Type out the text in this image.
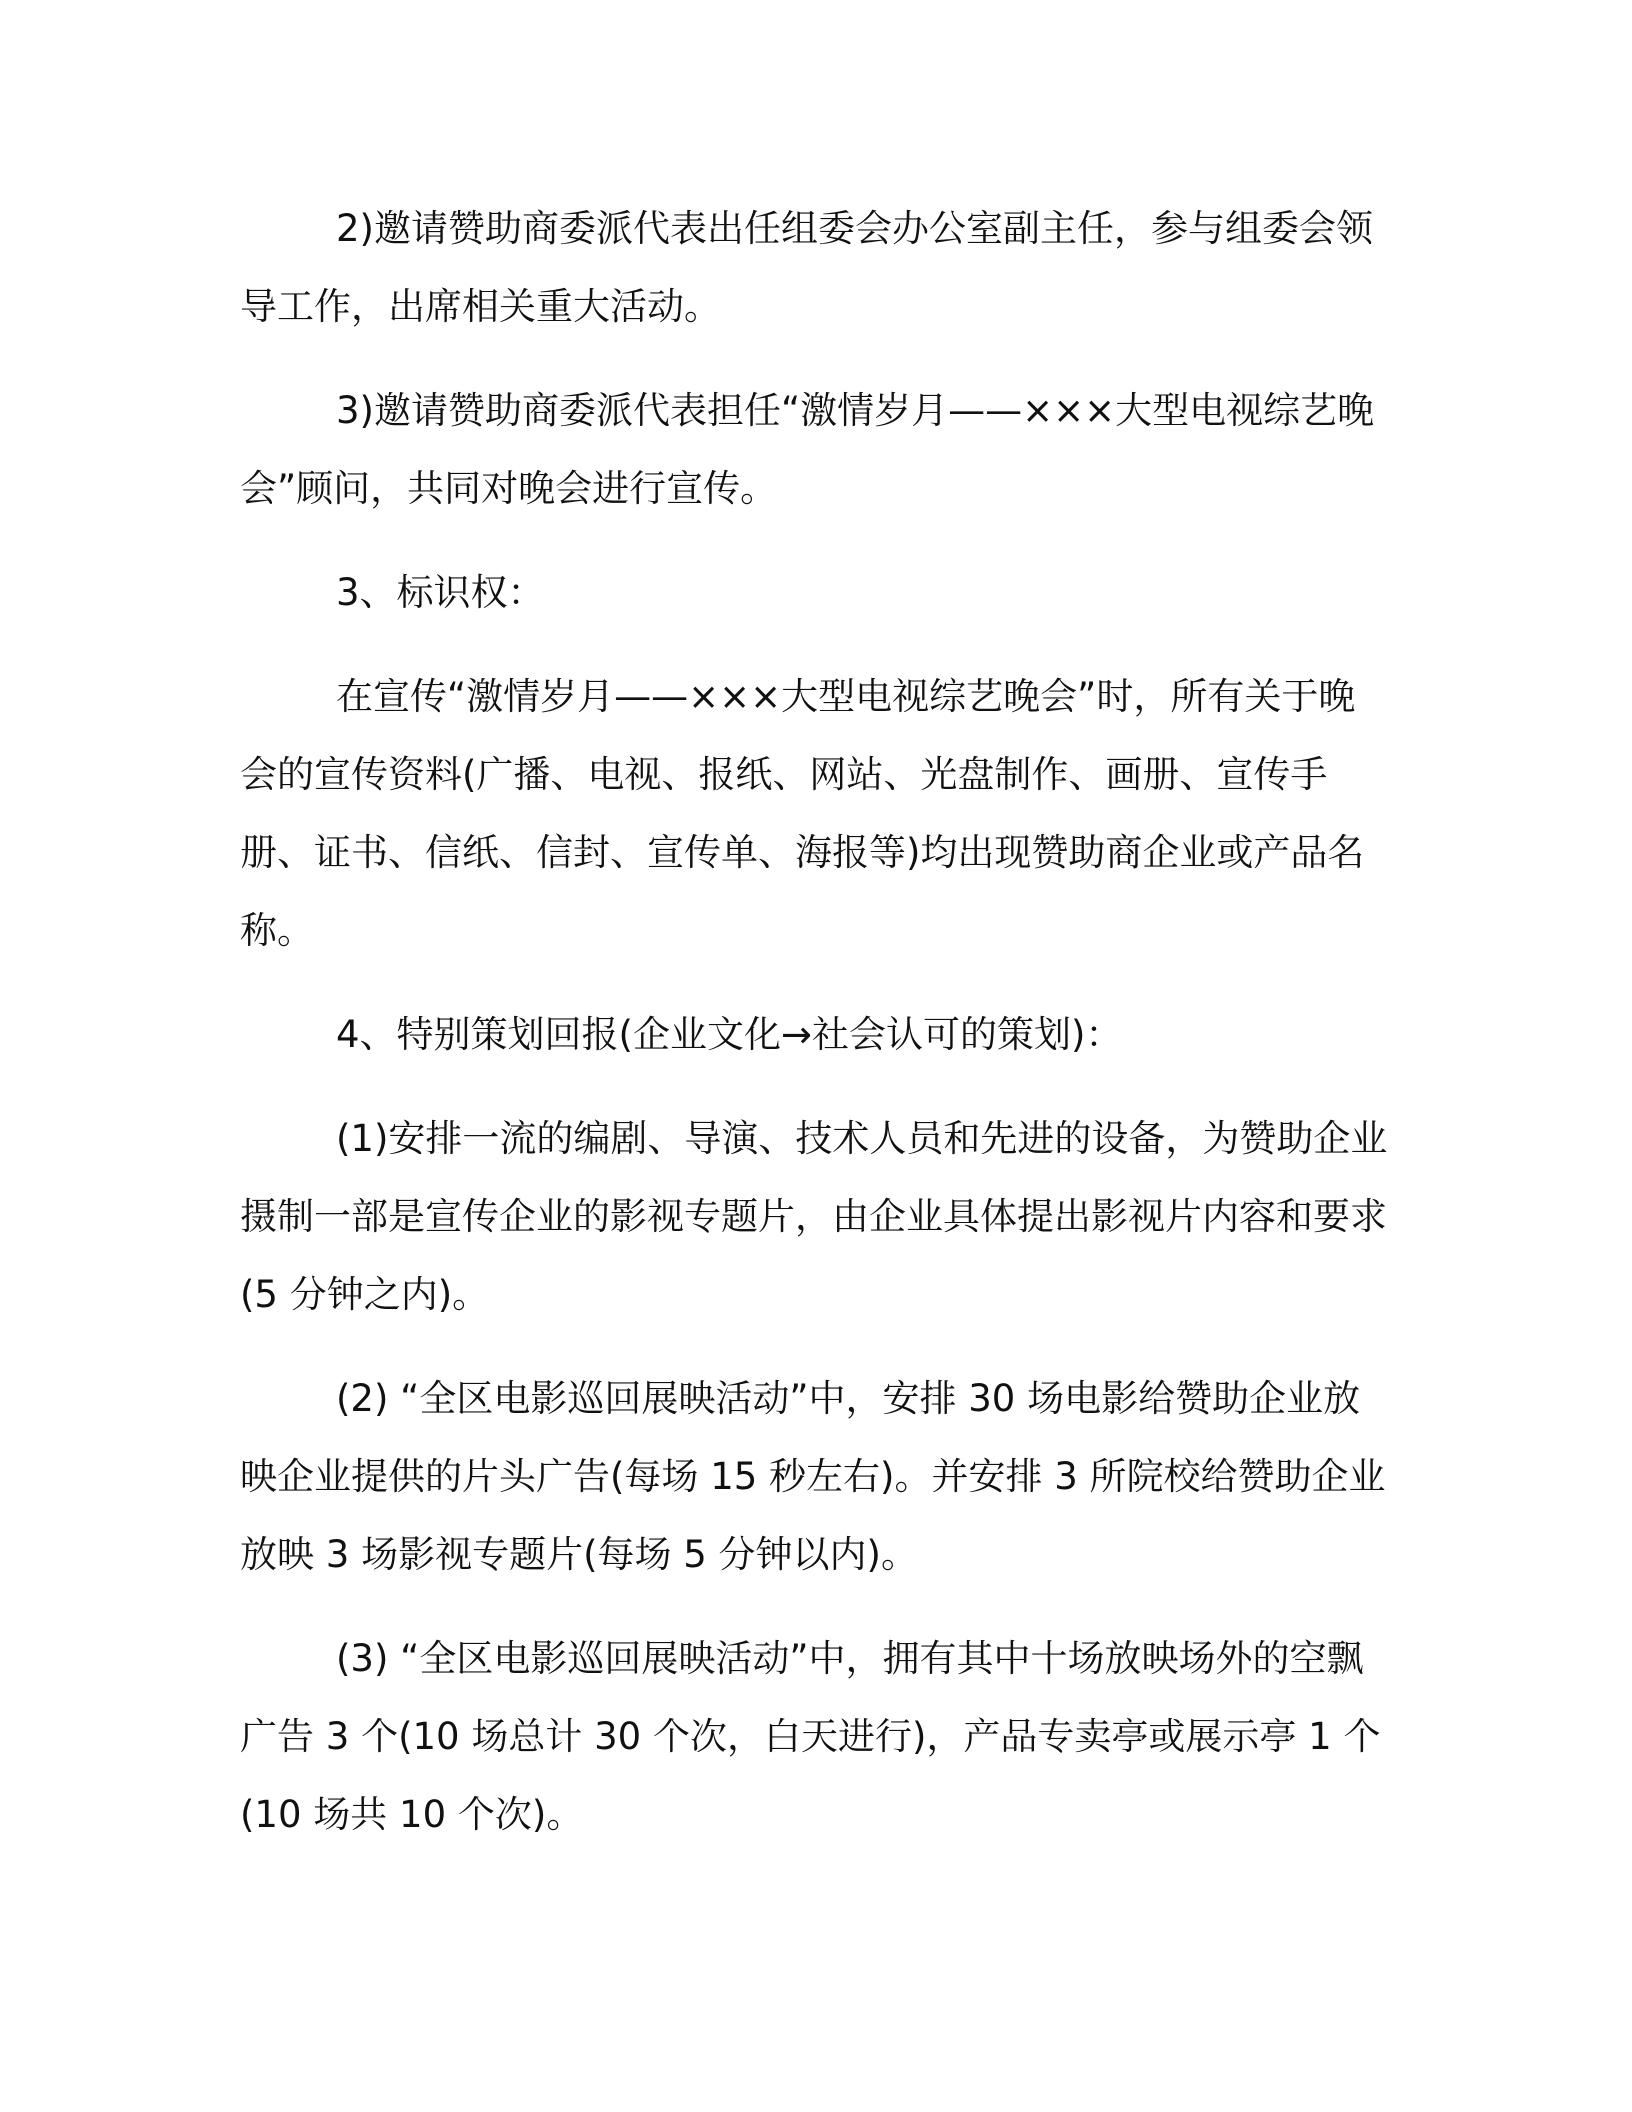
2)邀请赞助商委派代表出任组委会办公室副主任，参与组委会领导工作，出席相关重大活动。

3)邀请赞助商委派代表担任“激情岁月——×××大型电视综艺晚会”顾问，共同对晚会进行宣传。

3、标识权：

在宣传“激情岁月——×××大型电视综艺晚会”时，所有关于晚会的宣传资料(广播、电视、报纸、网站、光盘制作、画册、宣传手册、证书、信纸、信封、宣传单、海报等)均出现赞助商企业或产品名称。

4、特别策划回报(企业文化→社会认可的策划)：

(1)安排一流的编剧、导演、技术人员和先进的设备，为赞助企业摄制一部是宣传企业的影视专题片，由企业具体提出影视片内容和要求(5 分钟之内)。

(2) “全区电影巡回展映活动”中，安排 30 场电影给赞助企业放映企业提供的片头广告(每场 15 秒左右)。并安排 3 所院校给赞助企业放映 3 场影视专题片(每场 5 分钟以内)。

(3) “全区电影巡回展映活动”中，拥有其中十场放映场外的空飘广告 3 个(10 场总计 30 个次，白天进行)，产品专卖亭或展示亭 1 个(10 场共 10 个次)。
